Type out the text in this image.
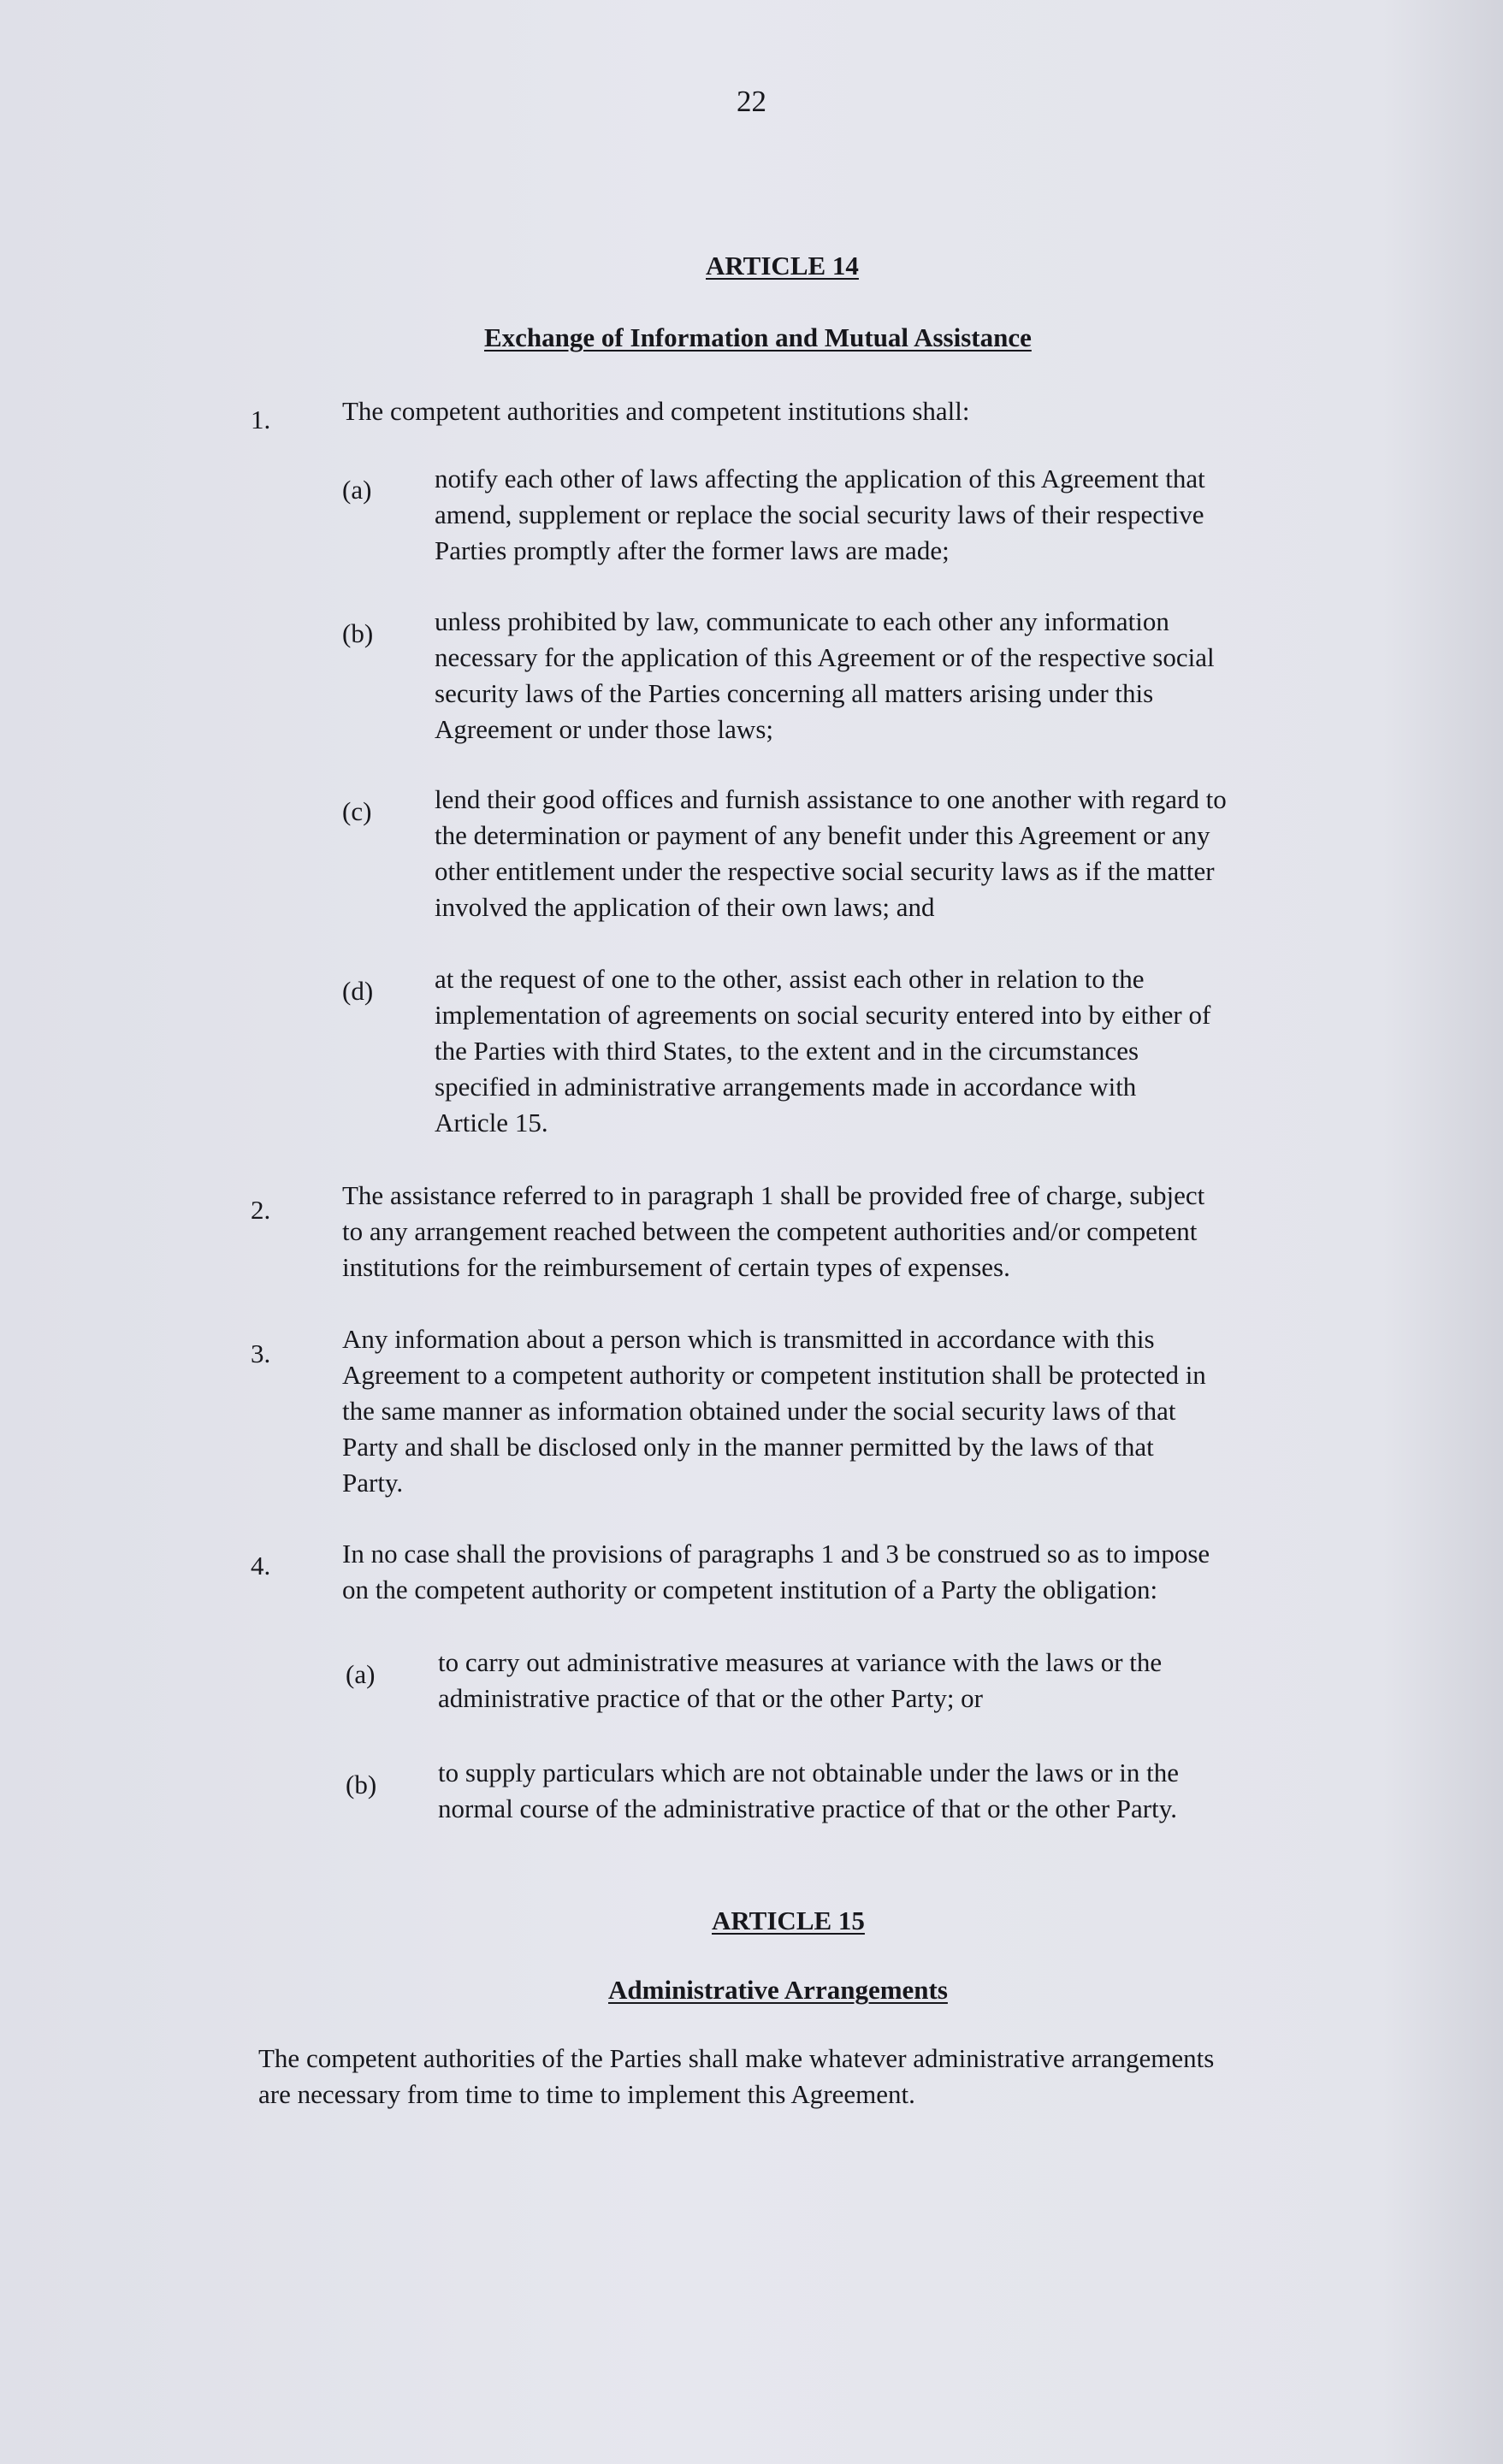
22
ARTICLE 14
Exchange of Information and Mutual Assistance
1.	The competent authorities and competent institutions shall:
(a) notify each other of laws affecting the application of this Agreement that
amend, supplement or replace the social security laws of their respective
Parties promptly after the former laws are made;
(b) unless prohibited by law, communicate to each other any information
necessary for the application of this Agreement or of the respective social
security laws of the Parties concerning all matters arising under this
Agreement or under those laws;
(c) lend their good offices and furnish assistance to one another with regard to
the determination or payment of any benefit under this Agreement or any
other entitlement under the respective social security laws as if the matter
involved the application of their own laws; and
(d) at the request of one to the other, assist each other in relation to the
implementation of agreements on social security entered into by either of
the Parties with third States, to the extent and in the circumstances
specified in administrative arrangements made in accordance with
Article 15.
2.	The assistance referred to in paragraph 1 shall be provided free of charge, subject
to any arrangement reached between the competent authorities and/or competent
institutions for the reimbursement of certain types of expenses.
3.	Any information about a person which is transmitted in accordance with this
Agreement to a competent authority or competent institution shall be protected in
the same manner as information obtained under the social security laws of that
Party and shall be disclosed only in the manner permitted by the laws of that
Party.
4.	In no case shall the provisions of paragraphs 1 and 3 be construed so as to impose
on the competent authority or competent institution of a Party the obligation:
(a) to carry out administrative measures at variance with the laws or the
administrative practice of that or the other Party; or
(b) to supply particulars which are not obtainable under the laws or in the
normal course of the administrative practice of that or the other Party.
ARTICLE 15
Administrative Arrangements
The competent authorities of the Parties shall make whatever administrative arrangements
are necessary from time to time to implement this Agreement.
